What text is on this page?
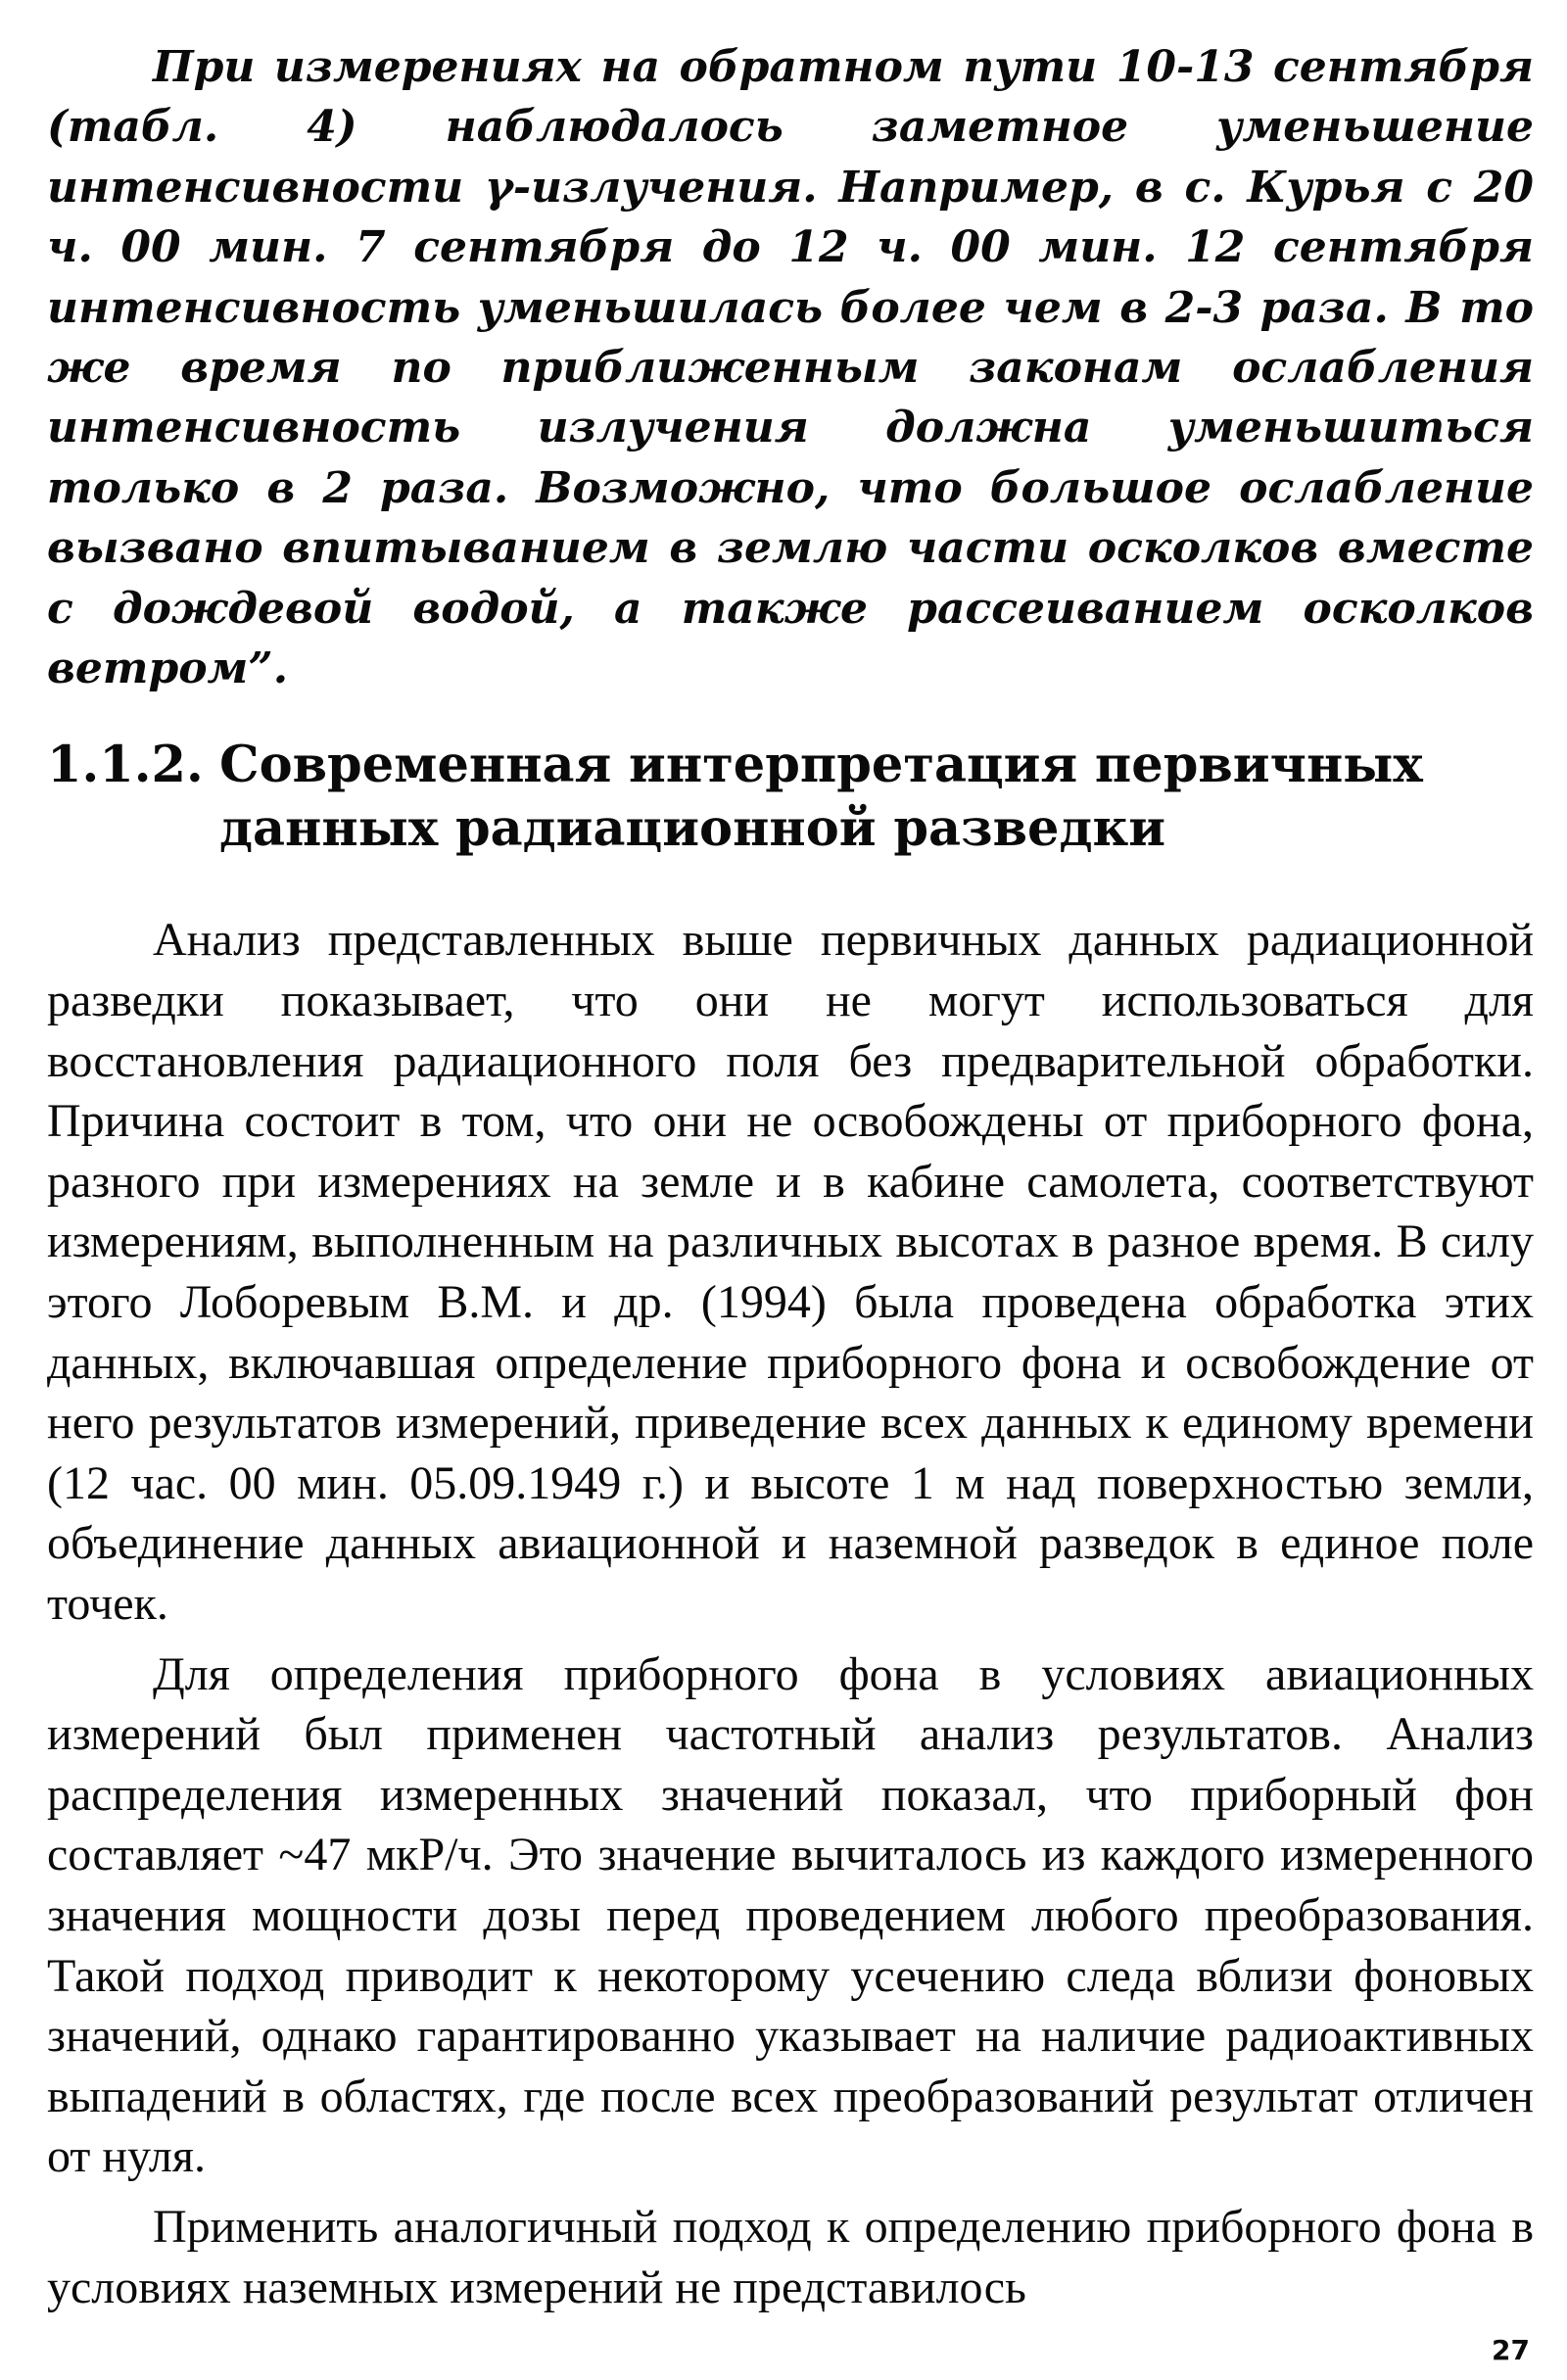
При измерениях на обратном пути 10-13 сентября (табл. 4) наблюдалось заметное уменьшение интенсивности γ-излучения. Например, в с. Курья с 20 ч. 00 мин. 7 сентября до 12 ч. 00 мин. 12 сентября интенсивность уменьшилась более чем в 2-3 раза. В то же время по приближенным законам ослабления интенсивность излучения должна уменьшиться только в 2 раза. Возможно, что большое ослабление вызвано впитыванием в землю части осколков вместе с дождевой водой, а также рассеиванием осколков ветром”.

1.1.2. Современная интерпретация первичных данных радиационной разведки

Анализ представленных выше первичных данных радиационной разведки показывает, что они не могут использоваться для восстановления радиационного поля без предварительной обработки. Причина состоит в том, что они не освобождены от приборного фона, разного при измерениях на земле и в кабине самолета, соответствуют измерениям, выполненным на различных высотах в разное время. В силу этого Лоборевым В.М. и др. (1994) была проведена обработка этих данных, включавшая определение приборного фона и освобождение от него результатов измерений, приведение всех данных к единому времени (12 час. 00 мин. 05.09.1949 г.) и высоте 1 м над поверхностью земли, объединение данных авиационной и наземной разведок в единое поле точек.

Для определения приборного фона в условиях авиационных измерений был применен частотный анализ результатов. Анализ распределения измеренных значений показал, что приборный фон составляет ~47 мкР/ч. Это значение вычиталось из каждого измеренного значения мощности дозы перед проведением любого преобразования. Такой подход приводит к некоторому усечению следа вблизи фоновых значений, однако гарантированно указывает на наличие радиоактивных выпадений в областях, где после всех преобразований результат отличен от нуля.

Применить аналогичный подход к определению приборного фона в условиях наземных измерений не представилось

27
